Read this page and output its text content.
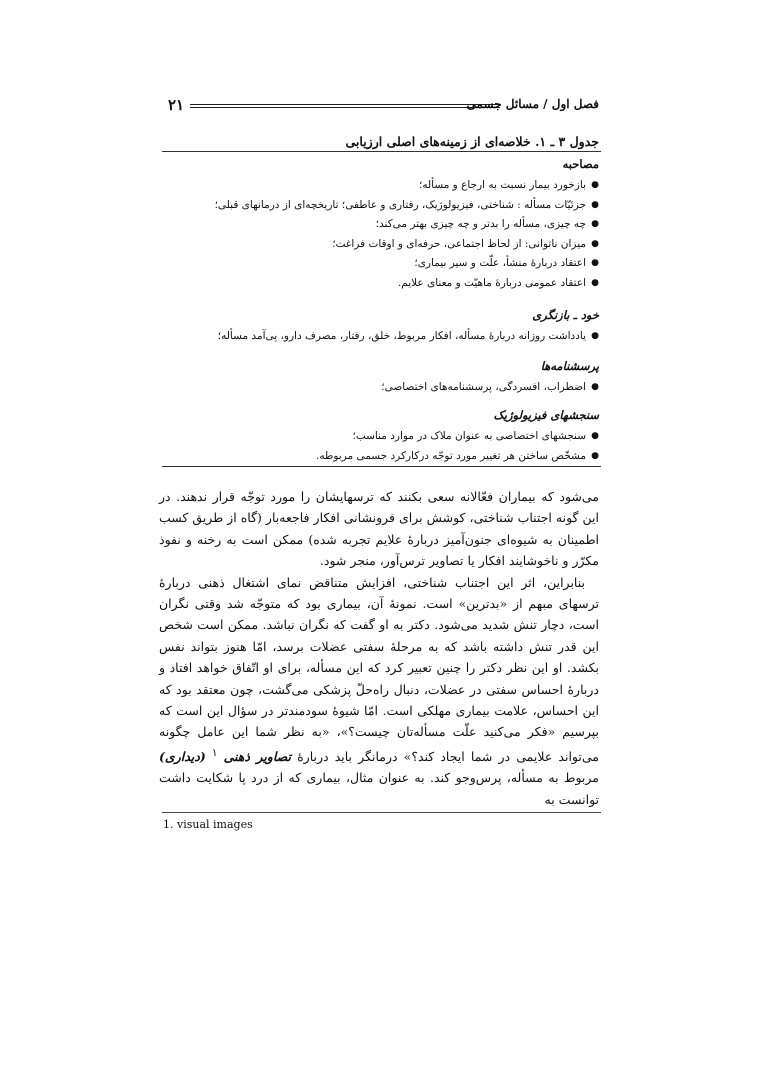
۲۱	فصل اول / مسائل جسمی
جدول ۳ ـ ۱. خلاصه‌ای از زمینه‌های اصلی ارزیابی
مصاحبه
● بازخورد بیمار نسبت به ارجاع و مسأله؛
● جزئیّات مسأله : شناختی، فیزیولوژیک، رفتاری و عاطفی؛ تاریخچه‌ای از درمانهای قبلی؛
● چه چیزی، مسأله را بدتر و چه چیزی بهتر می‌کند؛
● میزان ناتوانی: از لحاظ اجتماعی، حرفه‌ای و اوقات فراغت؛
● اعتقاد دربارهٔ منشأ، علّت و سیر بیماری؛
● اعتقاد عمومی دربارهٔ ماهیّت و معنای علایم.
خود ـ بازنگری
● یادداشت روزانه دربارهٔ مسأله، افکار مربوط، خلق، رفتار، مصرف دارو، پی‌آمد مسأله؛
پرسشنامه‌ها
● اضطراب، افسردگی، پرسشنامه‌های اختصاصی؛
سنجشهای فیزیولوژیک
● سنجشهای اختصاصی به عنوان ملاک در موارد مناسب؛
● مشخّص ساختن هر تغییر مورد توجّه درکارکرد جسمی مربوطه.

می‌شود که بیماران فعّالانه سعی بکنند که ترسهایشان را مورد توجّه قرار ندهند. در این گونه اجتناب شناختی، کوشش برای فرونشانی افکار فاجعه‌بار (گاه از طریق کسب اطمینان به شیوه‌ای جنون‌آمیز دربارهٔ علایم تجربه شده) ممکن است به رخنه و نفوذ مکرّر و ناخوشایند افکار یا تصاویر ترس‌آور، منجر شود.

بنابراین، اثر این اجتناب شناختی، افزایش متناقض نمای اشتغال ذهنی دربارهٔ ترسهای مبهم از «بدترین» است. نمونهٔ آن، بیماری بود که متوجّه شد وقتی نگران است، دچار تنش شدید می‌شود. دکتر به او گفت که نگران نباشد. ممکن است شخص این قدر تنش داشته باشد که به مرحلهٔ سفتی عضلات برسد، امّا هنوز بتواند نفس بکشد. او این نظر دکتر را چنین تعبیر کرد که این مسأله، برای او اتّفاق خواهد افتاد و دربارهٔ احساس سفتی در عضلات، دنبال راه‌حلّ پزشکی می‌گشت، چون معتقد بود که این احساس، علامت بیماری مهلکی است. امّا شیوهٔ سودمندتر در سؤال این است که بپرسیم «فکر می‌کنید علّت مسأله‌تان چیست؟»، «به نظر شما این عامل چگونه می‌تواند علایمی در شما ایجاد کند؟» درمانگر باید دربارهٔ تصاویر ذهنی $^۱$ (دیداری) مربوط به مسأله، پرس‌وجو کند. به عنوان مثال، بیماری که از درد پا شکایت داشت توانست به

1. visual images
